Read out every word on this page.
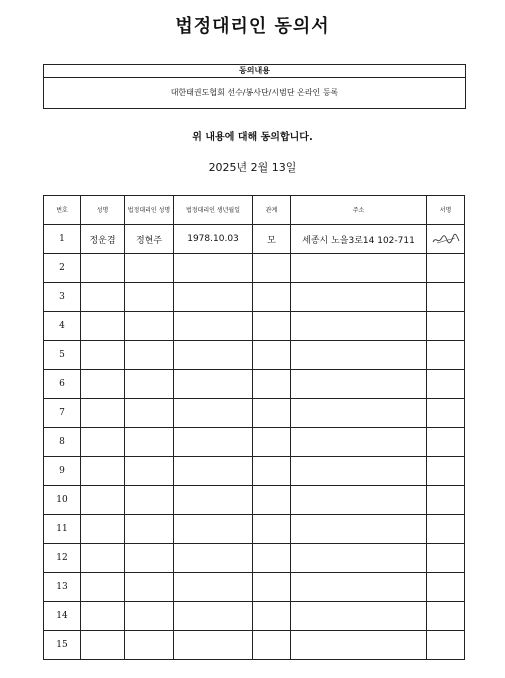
법정대리인 동의서
동의내용
대한태권도협회 선수/봉사단/시범단 온라인 등록
위 내용에 대해 동의합니다.
2025년 2월 13일
번호	성명	법정대리인 성명	법정대리인 생년월일	관계	주소	서명
1	정운겸	정현주	1978.10.03	모	세종시 노을3로14 102-711	

2						
3						
4						
5						
6						
7						
8						
9						
10						
11						
12						
13						
14						
15						
